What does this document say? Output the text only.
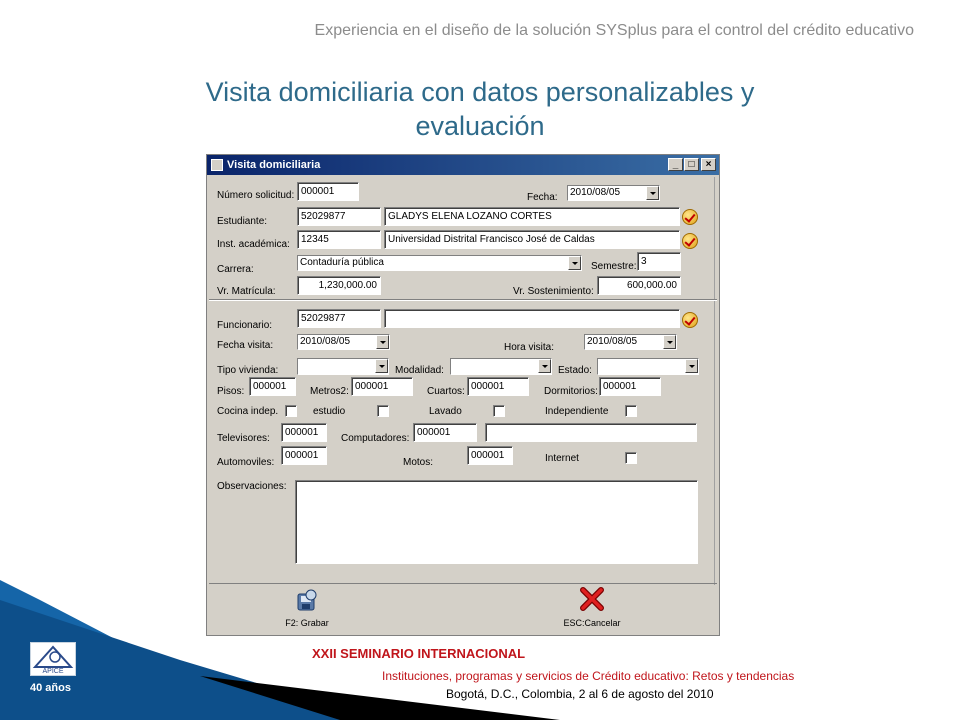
Experiencia en el diseño de la solución SYSplus para el control del crédito educativo
Visita domiciliaria con datos personalizables y
evaluación
Visita domiciliaria	_	□	×
Número solicitud: 000001
Fecha:	2010/08/05
Estudiante:	52029877	GLADYS ELENA LOZANO CORTES
Inst. académica:	12345	Universidad Distrital Francisco José de Caldas
Carrera:
Contaduría pública	Semestre: 3
Vr. Matrícula:
1,230,000.00
Vr. Sostenimiento:
600,000.00
Funcionario:
52029877
Fecha visita:	2010/08/05
Hora visita:
2010/08/05
Tipo vivienda:	Modalidad:	Estado:
Pisos: 000001	Metros2: 000001	Cuartos: 000001	Dormitorios: 000001
Cocina indep.	estudio	Lavado	Independiente
Televisores:
000001
Computadores:
000001
Automoviles:
000001
Motos:
000001	Internet
Observaciones:
F2: Grabar	ESC:Cancelar
APICE
40 años
XXII SEMINARIO INTERNACIONAL
Instituciones, programas y servicios de Crédito educativo: Retos y tendencias
Bogotá, D.C., Colombia, 2 al 6 de agosto del 2010
